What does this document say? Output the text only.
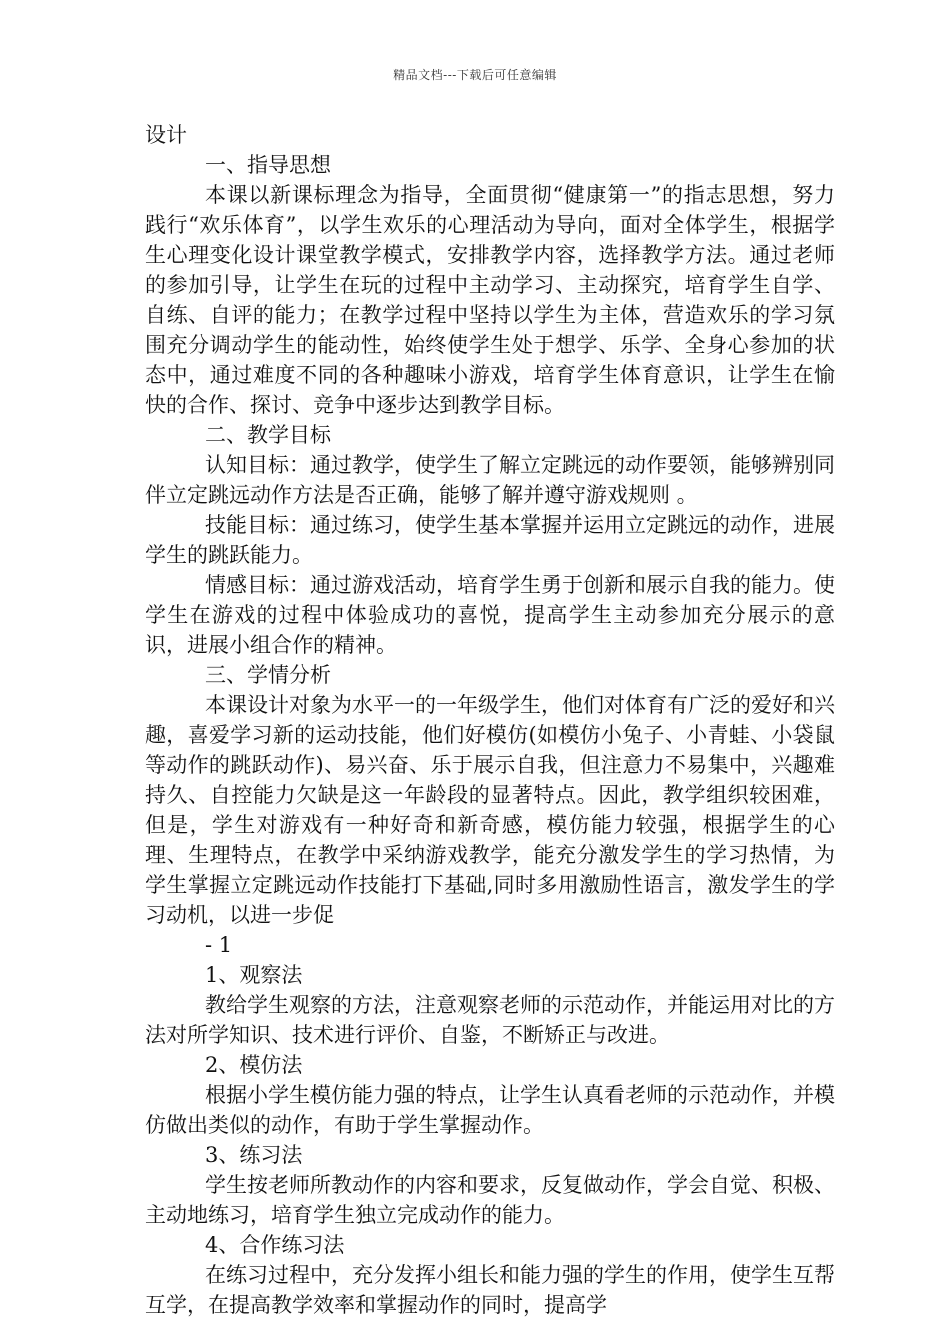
精品文档---下载后可任意编辑

设计

一、指导思想

本课以新课标理念为指导，全面贯彻“健康第一”的指志思想，努力践行“欢乐体育”，以学生欢乐的心理活动为导向，面对全体学生，根据学生心理变化设计课堂教学模式，安排教学内容，选择教学方法。通过老师的参加引导，让学生在玩的过程中主动学习、主动探究，培育学生自学、自练、自评的能力；在教学过程中坚持以学生为主体，营造欢乐的学习氛围充分调动学生的能动性，始终使学生处于想学、乐学、全身心参加的状态中，通过难度不同的各种趣味小游戏，培育学生体育意识，让学生在愉快的合作、探讨、竞争中逐步达到教学目标。

二、教学目标

认知目标：通过教学，使学生了解立定跳远的动作要领，能够辨别同伴立定跳远动作方法是否正确，能够了解并遵守游戏规则 。

技能目标：通过练习，使学生基本掌握并运用立定跳远的动作，进展学生的跳跃能力。

情感目标：通过游戏活动，培育学生勇于创新和展示自我的能力。使学生在游戏的过程中体验成功的喜悦，提高学生主动参加充分展示的意识，进展小组合作的精神。

三、学情分析

本课设计对象为水平一的一年级学生，他们对体育有广泛的爱好和兴趣，喜爱学习新的运动技能，他们好模仿(如模仿小兔子、小青蛙、小袋鼠等动作的跳跃动作)、易兴奋、乐于展示自我，但注意力不易集中，兴趣难持久、自控能力欠缺是这一年龄段的显著特点。因此，教学组织较困难，但是，学生对游戏有一种好奇和新奇感，模仿能力较强，根据学生的心理、生理特点，在教学中采纳游戏教学，能充分激发学生的学习热情，为学生掌握立定跳远动作技能打下基础,同时多用激励性语言，激发学生的学习动机，以进一步促

- 1

1、观察法

教给学生观察的方法，注意观察老师的示范动作，并能运用对比的方法对所学知识、技术进行评价、自鉴，不断矫正与改进。

2、模仿法

根据小学生模仿能力强的特点，让学生认真看老师的示范动作，并模仿做出类似的动作，有助于学生掌握动作。

3、练习法

学生按老师所教动作的内容和要求，反复做动作，学会自觉、积极、主动地练习，培育学生独立完成动作的能力。

4、合作练习法

在练习过程中，充分发挥小组长和能力强的学生的作用，使学生互帮互学，在提高教学效率和掌握动作的同时，提高学
